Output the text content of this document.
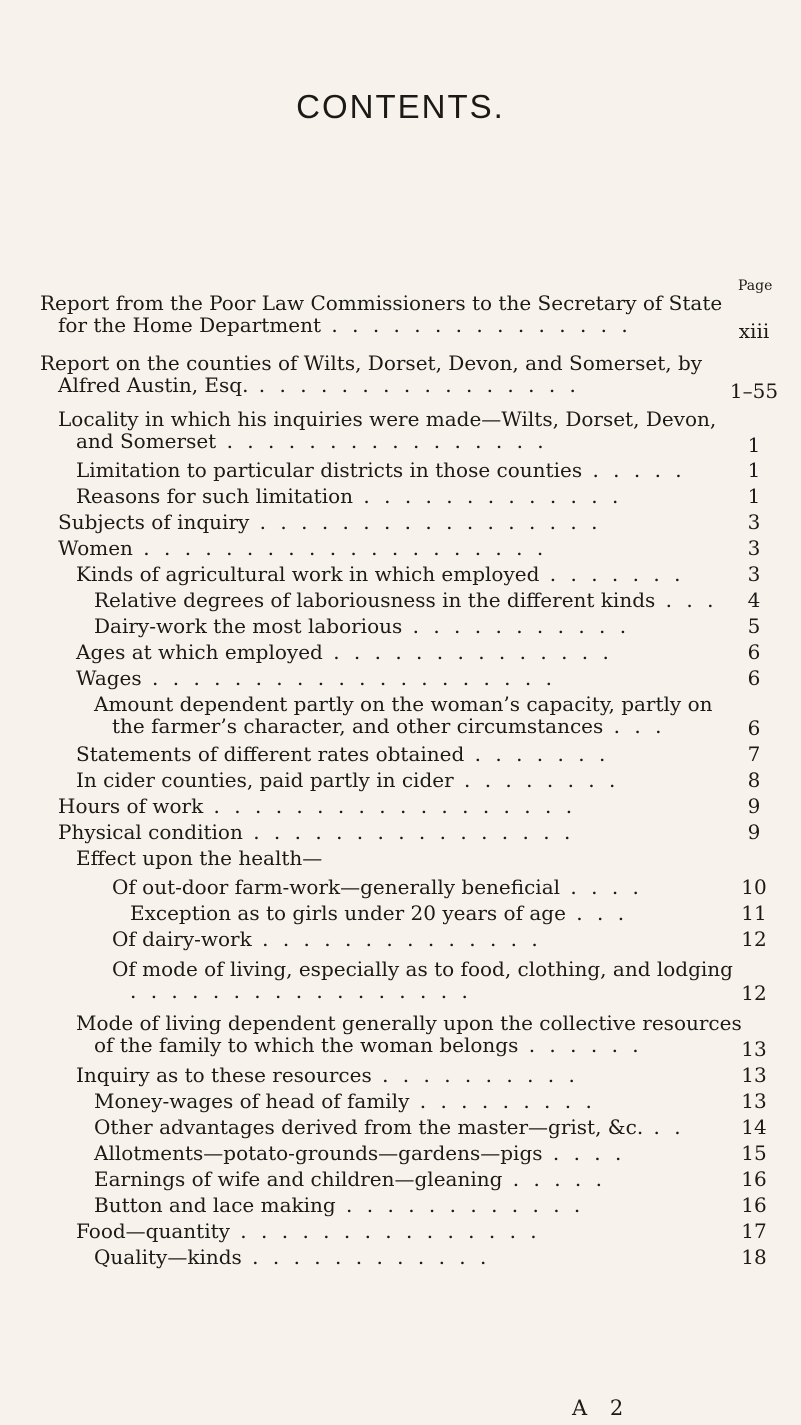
CONTENTS.
Page
Report from the Poor Law Commissioners to the Secretary of State for the Home Department . . . . . . . . . . . . . . .	xiii
Report on the counties of Wilts, Dorset, Devon, and Somerset, by Alfred Austin, Esq. . . . . . . . . . . . . . . . .	1–55
Locality in which his inquiries were made—Wilts, Dorset, Devon, and Somerset . . . . . . . . . . . . . . . .	1
Limitation to particular districts in those counties . . . . .	1
Reasons for such limitation . . . . . . . . . . . . .	1
Subjects of inquiry . . . . . . . . . . . . . . . . .	3
Women . . . . . . . . . . . . . . . . . . . .	3
Kinds of agricultural work in which employed . . . . . . .	3
Relative degrees of laboriousness in the different kinds . . .	4
Dairy-work the most laborious . . . . . . . . . . .	5
Ages at which employed . . . . . . . . . . . . . .	6
Wages . . . . . . . . . . . . . . . . . . . .	6
Amount dependent partly on the woman’s capacity, partly on the farmer’s character, and other circumstances . . .	6
Statements of different rates obtained . . . . . . .	7
In cider counties, paid partly in cider . . . . . . . .	8
Hours of work . . . . . . . . . . . . . . . . . .	9
Physical condition . . . . . . . . . . . . . . . .	9
Effect upon the health—
Of out-door farm-work—generally beneficial . . . .	10
Exception as to girls under 20 years of age . . .	11
Of dairy-work . . . . . . . . . . . . . .	12
Of mode of living, especially as to food, clothing, and lodging . . . . . . . . . . . . . . . . .	12
Mode of living dependent generally upon the collective resources of the family to which the woman belongs . . . . . .	13
Inquiry as to these resources . . . . . . . . . .	13
Money-wages of head of family . . . . . . . . .	13
Other advantages derived from the master—grist, &c. . .	14
Allotments—potato-grounds—gardens—pigs . . . .	15
Earnings of wife and children—gleaning . . . . .	16
Button and lace making . . . . . . . . . . . .	16
Food—quantity . . . . . . . . . . . . . . .	17
Quality—kinds . . . . . . . . . . . .	18
A 2
